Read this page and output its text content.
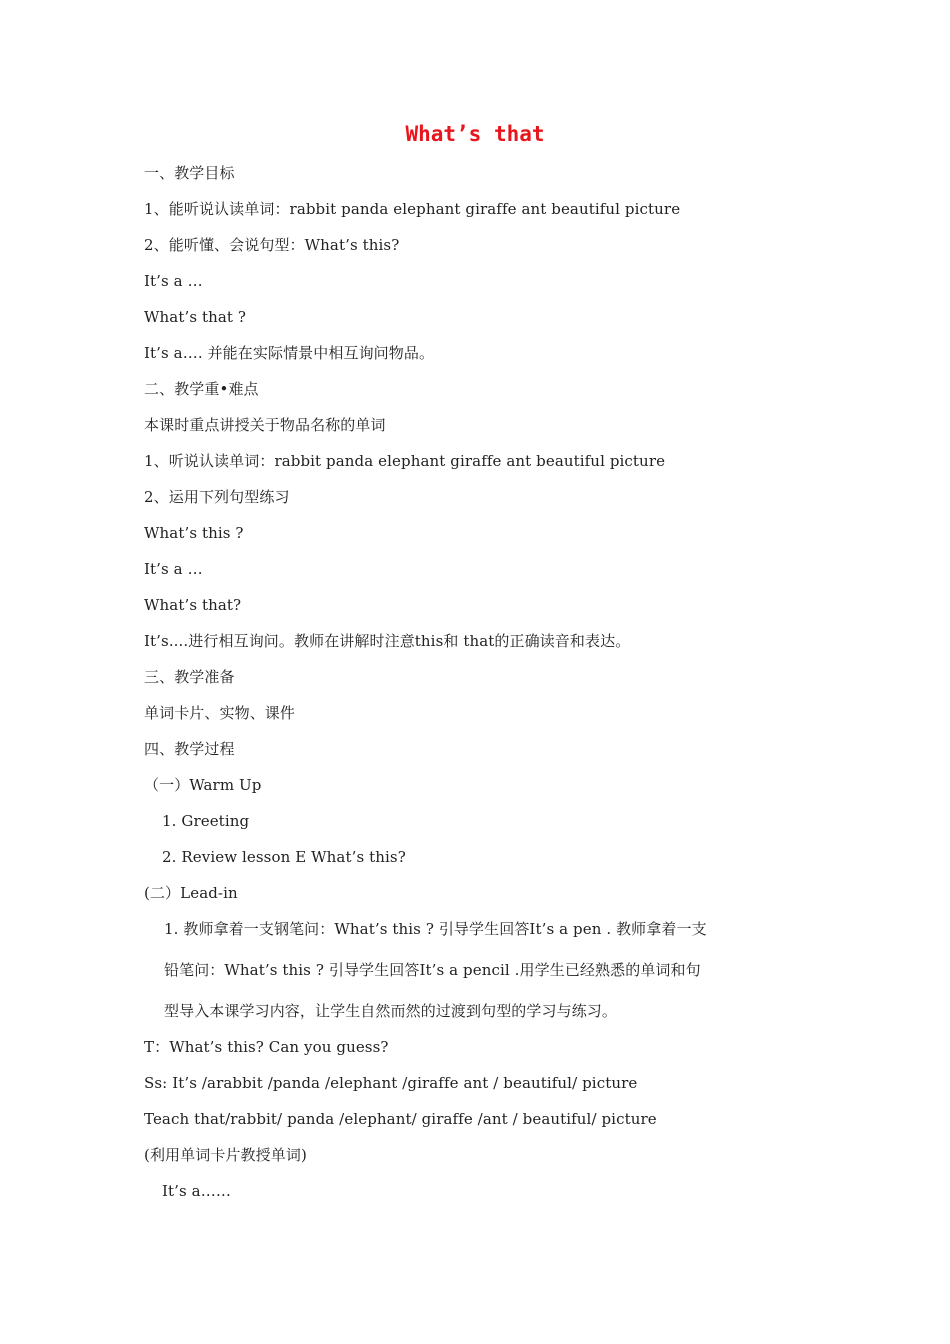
What’s that
一、教学目标
1、能听说认读单词：rabbit panda elephant giraffe ant beautiful picture
2、能听懂、会说句型：What’s this?
It’s a …
What’s that ?
It’s a…. 并能在实际情景中相互询问物品。
二、教学重•难点
本课时重点讲授关于物品名称的单词
1、听说认读单词：rabbit panda elephant giraffe ant beautiful picture
2、运用下列句型练习
What’s this ?
It’s a …
What’s that?
It’s....进行相互询问。教师在讲解时注意this和 that的正确读音和表达。
三、教学准备
单词卡片、实物、课件
四、教学过程
（一）Warm Up
1. Greeting
2. Review lesson E What’s this?
(二）Lead-in
1. 教师拿着一支钢笔问：What’s this ? 引导学生回答It’s a pen . 教师拿着一支
铅笔问：What’s this ? 引导学生回答It’s a pencil .用学生已经熟悉的单词和句
型导入本课学习内容，让学生自然而然的过渡到句型的学习与练习。
T：What’s this? Can you guess?
Ss: It’s /arabbit /panda /elephant /giraffe ant / beautiful/ picture
Teach that/rabbit/ panda /elephant/ giraffe /ant / beautiful/ picture
(利用单词卡片教授单词)
It’s a……
